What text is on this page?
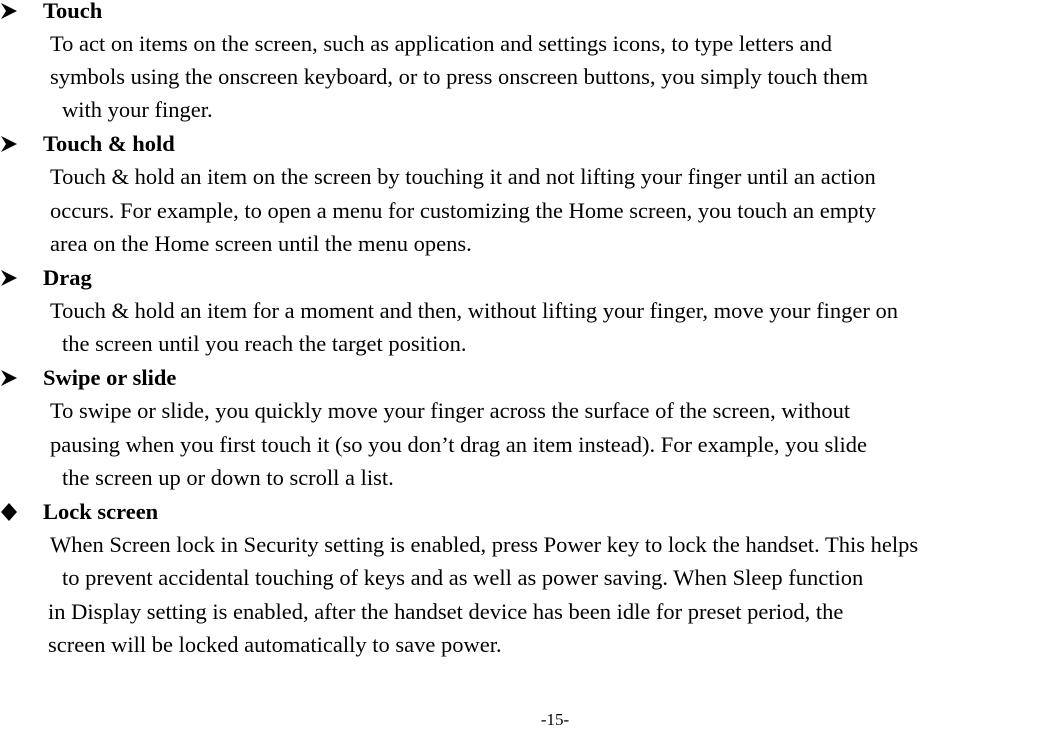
Touch
To act on items on the screen, such as application and settings icons, to type letters and
symbols using the onscreen keyboard, or to press onscreen buttons, you simply touch them
with your finger.
Touch & hold
Touch & hold an item on the screen by touching it and not lifting your finger until an action
occurs. For example, to open a menu for customizing the Home screen, you touch an empty
area on the Home screen until the menu opens.
Drag
Touch & hold an item for a moment and then, without lifting your finger, move your finger on
the screen until you reach the target position.
Swipe or slide
To swipe or slide, you quickly move your finger across the surface of the screen, without
pausing when you first touch it (so you don’t drag an item instead). For example, you slide
the screen up or down to scroll a list.
Lock screen
When Screen lock in Security setting is enabled, press Power key to lock the handset. This helps
to prevent accidental touching of keys and as well as power saving. When Sleep function
in Display setting is enabled, after the handset device has been idle for preset period, the
screen will be locked automatically to save power.
-15-
